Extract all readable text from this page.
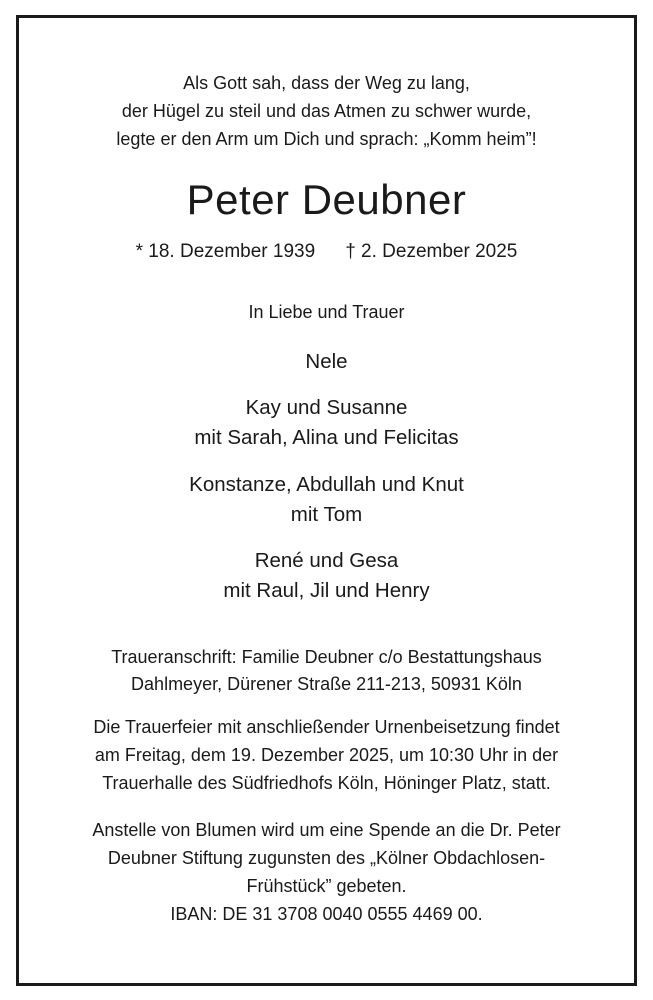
Als Gott sah, dass der Weg zu lang,
der Hügel zu steil und das Atmen zu schwer wurde,
legte er den Arm um Dich und sprach: „Komm heim”!
Peter Deubner
* 18. Dezember 1939 † 2. Dezember 2025
In Liebe und Trauer
Nele
Kay und Susanne
mit Sarah, Alina und Felicitas
Konstanze, Abdullah und Knut
mit Tom
René und Gesa
mit Raul, Jil und Henry
Traueranschrift: Familie Deubner c/o Bestattungshaus
Dahlmeyer, Dürener Straße 211-213, 50931 Köln
Die Trauerfeier mit anschließender Urnenbeisetzung findet
am Freitag, dem 19. Dezember 2025, um 10:30 Uhr in der
Trauerhalle des Südfriedhofs Köln, Höninger Platz, statt.
Anstelle von Blumen wird um eine Spende an die Dr. Peter
Deubner Stiftung zugunsten des „Kölner Obdachlosen-
Frühstück” gebeten.
IBAN: DE 31 3708 0040 0555 4469 00.
